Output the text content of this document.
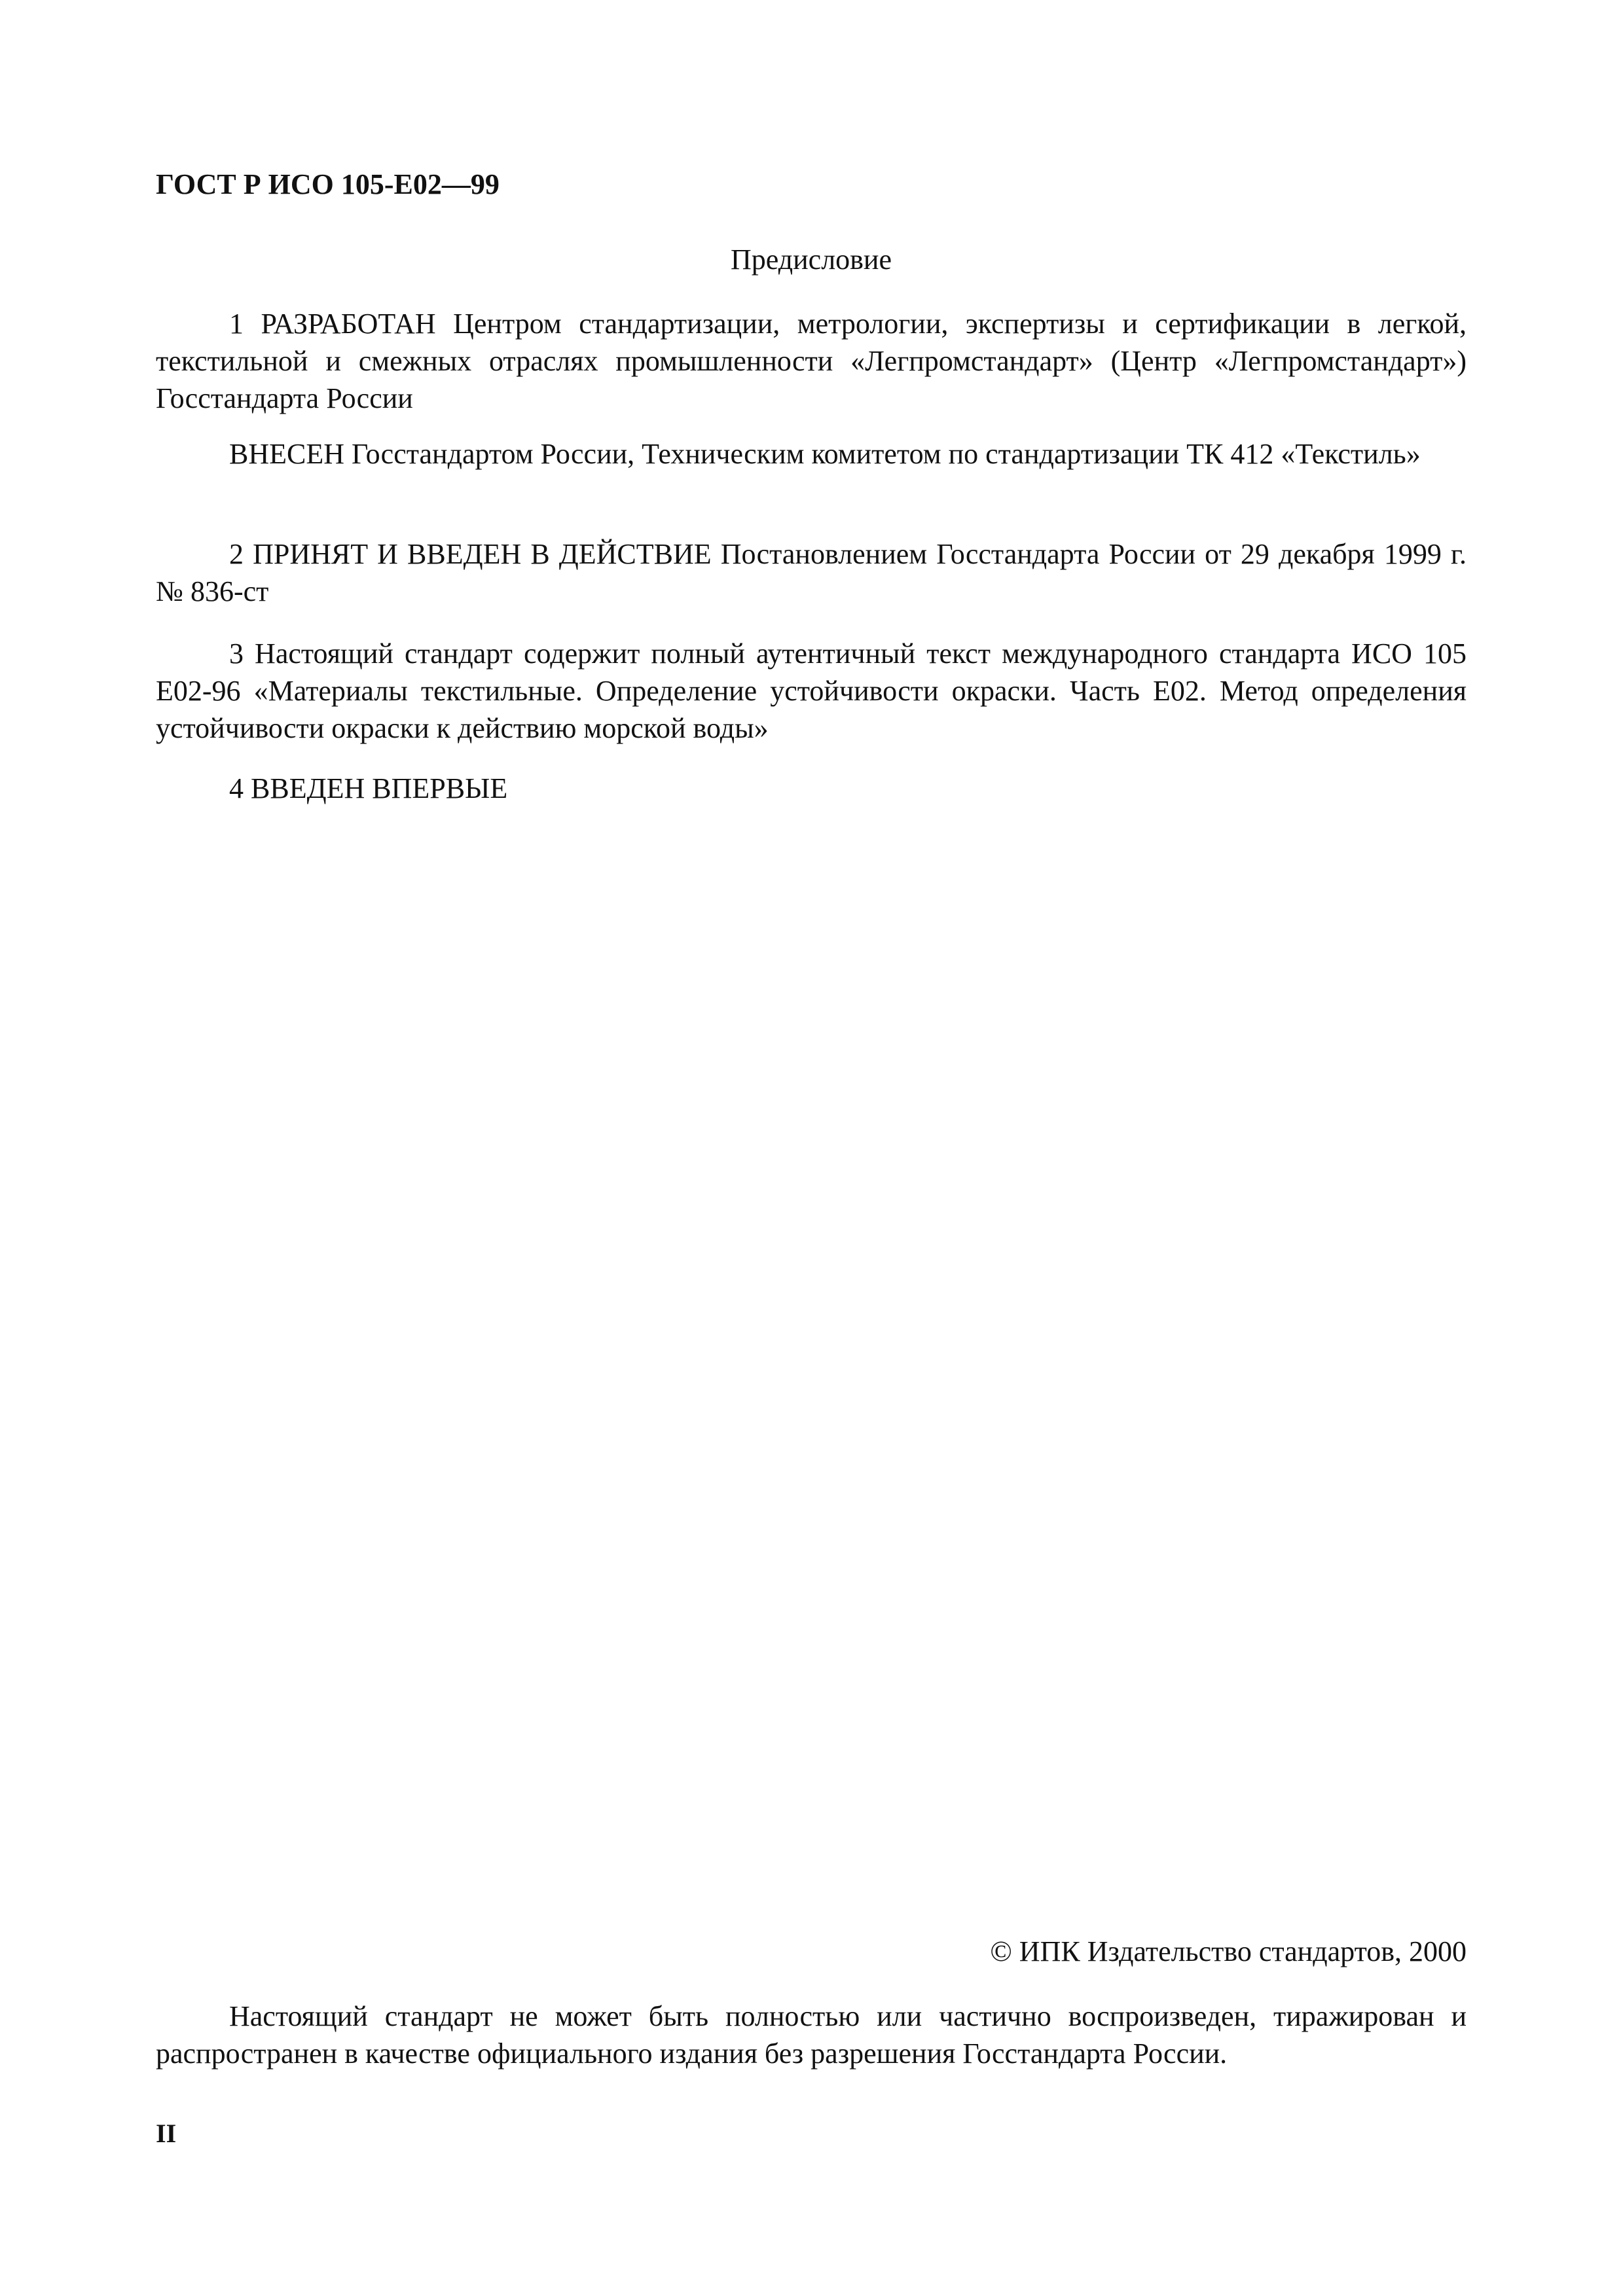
ГОСТ Р ИСО 105-Е02—99
Предисловие

1 РАЗРАБОТАН Центром стандартизации, метрологии, экспертизы и сертификации в легкой, текстильной и смежных отраслях промышленности «Легпромстандарт» (Центр «Легпромстандарт») Госстандарта России

ВНЕСЕН Госстандартом России, Техническим комитетом по стандартизации ТК 412 «Текстиль»

2 ПРИНЯТ И ВВЕДЕН В ДЕЙСТВИЕ Постановлением Госстандарта России от 29 декабря 1999 г. № 836-ст

3 Настоящий стандарт содержит полный аутентичный текст международного стандарта ИСО 105 Е02-96 «Материалы текстильные. Определение устойчивости окраски. Часть Е02. Метод определения устойчивости окраски к действию морской воды»

4 ВВЕДЕН ВПЕРВЫЕ

© ИПК Издательство стандартов, 2000

Настоящий стандарт не может быть полностью или частично воспроизведен, тиражирован и распространен в качестве официального издания без разрешения Госстандарта России.

II
